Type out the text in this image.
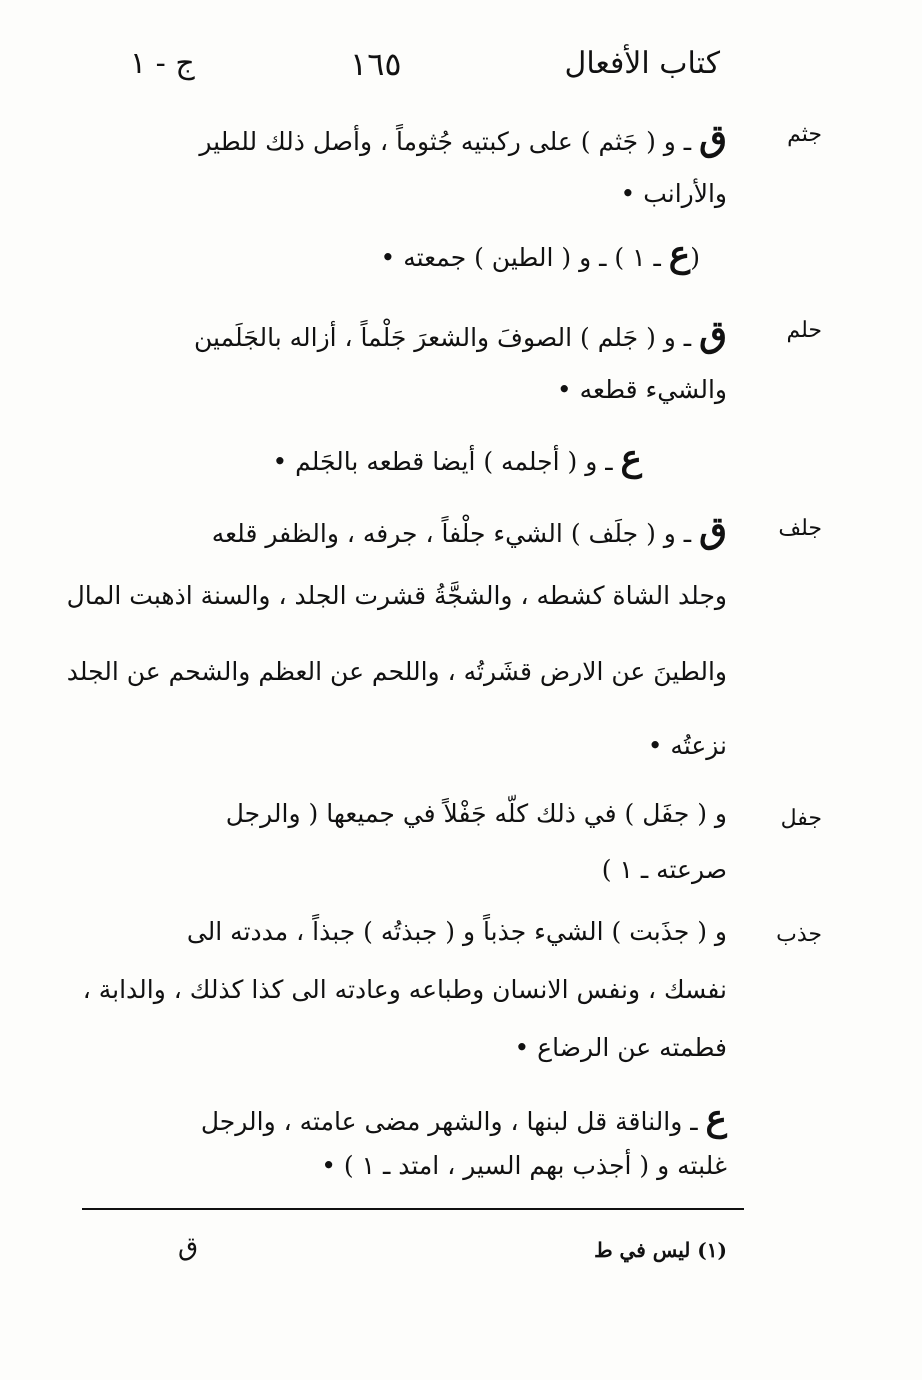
كتاب الأفعال
١٦٥
ج - ١
جثم
ق ـ و ( جَثم ) على ركبتيه جُثوماً ، وأصل ذلك للطير
والأرانب •
(ع ـ ١ ) ـ و ( الطين ) جمعته •
حلم
ق ـ و ( جَلم ) الصوفَ والشعرَ جَلْماً ، أزاله بالجَلَمين
والشيء قطعه •
ع ـ و ( أجلمه ) أيضا قطعه بالجَلم •
جلف
ق ـ و ( جلَف ) الشيء جلْفاً ، جرفه ، والظفر قلعه
وجلد الشاة كشطه ، والشجَّةُ قشرت الجلد ، والسنة اذهبت المال
والطينَ عن الارض قشَرتُه ، واللحم عن العظم والشحم عن الجلد
نزعتُه •
جفل
و ( جفَل ) في ذلك كلّه جَفْلاً في جميعها ( والرجل
صرعته ـ ١ )
جذب
و ( جذَبت ) الشيء جذباً و ( جبذتُه ) جبذاً ، مددته الى
نفسك ، ونفس الانسان وطباعه وعادته الى كذا كذلك ، والدابة ،
فطمته عن الرضاع •
ع ـ والناقة قل لبنها ، والشهر مضى عامته ، والرجل
غلبته و ( أجذب بهم السير ، امتد ـ ١ ) •
(١) ليس في ط
ق
